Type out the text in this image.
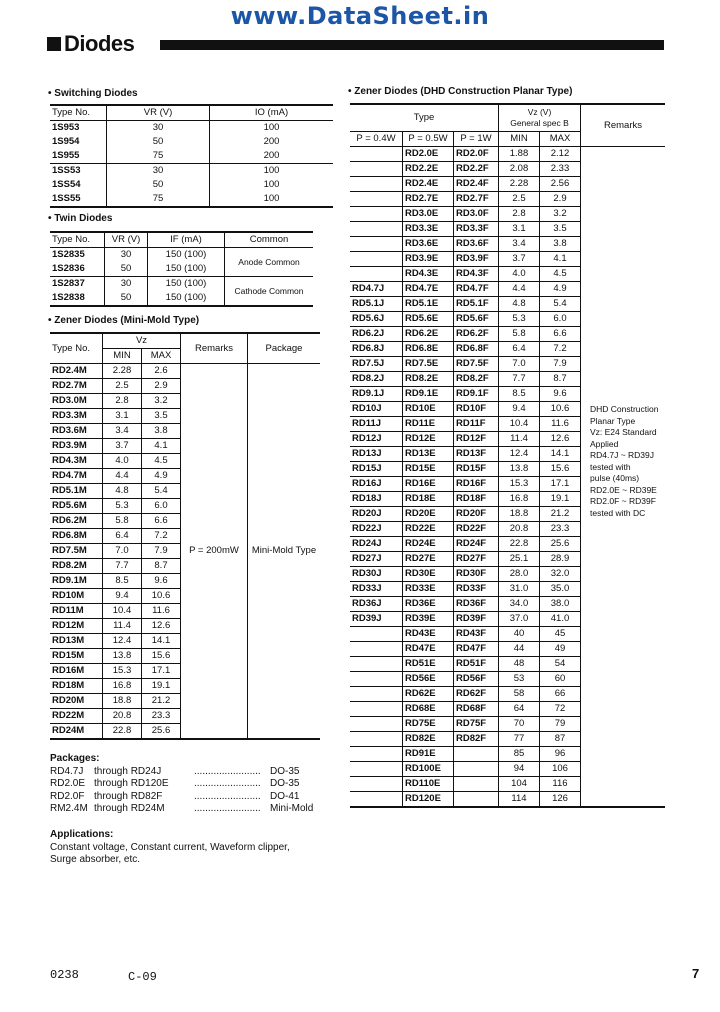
www.DataSheet.in
Diodes
• Switching Diodes
Type No.	VR (V)	IO (mA)
1S953	30	100
1S954	50	200
1S955	75	200
1SS53	30	100
1SS54	50	100
1SS55	75	100
• Twin Diodes
Type No.	VR (V)	IF (mA)	Common
1S2835	30	150 (100)	Anode Common
1S2836	50	150 (100)	
1S2837	30	150 (100)	Cathode Common
1S2838	50	150 (100)	
• Zener Diodes (Mini-Mold Type)
Type No.	Vz		Remarks	Package
	MIN	MAX		
RD2.4M	2.28	2.6	P = 200mW	Mini-Mold Type
RD2.7M	2.5	2.9		
RD3.0M	2.8	3.2		
RD3.3M	3.1	3.5		
RD3.6M	3.4	3.8		
RD3.9M	3.7	4.1		
RD4.3M	4.0	4.5		
RD4.7M	4.4	4.9		
RD5.1M	4.8	5.4		
RD5.6M	5.3	6.0		
RD6.2M	5.8	6.6		
RD6.8M	6.4	7.2		
RD7.5M	7.0	7.9		
RD8.2M	7.7	8.7		
RD9.1M	8.5	9.6		
RD10M	9.4	10.6		
RD11M	10.4	11.6		
RD12M	11.4	12.6		
RD13M	12.4	14.1		
RD15M	13.8	15.6		
RD16M	15.3	17.1		
RD18M	16.8	19.1		
RD20M	18.8	21.2		
RD22M	20.8	23.3		
RD24M	22.8	25.6		
Packages:
RD4.7J	through RD24J	........................ DO-35
RD2.0E through RD120E	........................ DO-35
RD2.0F through RD82F	........................ DO-41
RM2.4M through RD24M	........................ Mini-Mold
Applications:
Constant voltage, Constant current, Waveform clipper,
Surge absorber, etc.
• Zener Diodes (DHD Construction Planar Type)
Type			Vz (V)
General spec B		Remarks
P = 0.4W	P = 0.5W	P = 1W	MIN	MAX	
	RD2.0E	RD2.0F	1.88	2.12	
	RD2.2E	RD2.2F	2.08	2.33	
	RD2.4E	RD2.4F	2.28	2.56	
	RD2.7E	RD2.7F	2.5	2.9	
	RD3.0E	RD3.0F	2.8	3.2	
	RD3.3E	RD3.3F	3.1	3.5	
	RD3.6E	RD3.6F	3.4	3.8	
	RD3.9E	RD3.9F	3.7	4.1	
	RD4.3E	RD4.3F	4.0	4.5	
RD4.7J	RD4.7E	RD4.7F	4.4	4.9	
RD5.1J	RD5.1E	RD5.1F	4.8	5.4	
RD5.6J	RD5.6E	RD5.6F	5.3	6.0	
RD6.2J	RD6.2E	RD6.2F	5.8	6.6	
RD6.8J	RD6.8E	RD6.8F	6.4	7.2	
RD7.5J	RD7.5E	RD7.5F	7.0	7.9	
RD8.2J	RD8.2E	RD8.2F	7.7	8.7	
RD9.1J	RD9.1E	RD9.1F	8.5	9.6	
RD10J	RD10E	RD10F	9.4	10.6	
RD11J	RD11E	RD11F	10.4	11.6	
RD12J	RD12E	RD12F	11.4	12.6	
RD13J	RD13E	RD13F	12.4	14.1	
RD15J	RD15E	RD15F	13.8	15.6	
RD16J	RD16E	RD16F	15.3	17.1	
RD18J	RD18E	RD18F	16.8	19.1	
RD20J	RD20E	RD20F	18.8	21.2	
RD22J	RD22E	RD22F	20.8	23.3	
RD24J	RD24E	RD24F	22.8	25.6	
RD27J	RD27E	RD27F	25.1	28.9	
RD30J	RD30E	RD30F	28.0	32.0	
RD33J	RD33E	RD33F	31.0	35.0	
RD36J	RD36E	RD36F	34.0	38.0	
RD39J	RD39E	RD39F	37.0	41.0	
	RD43E	RD43F	40	45	
	RD47E	RD47F	44	49	
	RD51E	RD51F	48	54	
	RD56E	RD56F	53	60	
	RD62E	RD62F	58	66	
	RD68E	RD68F	64	72	
	RD75E	RD75F	70	79	
	RD82E	RD82F	77	87	
	RD91E		85	96	
	RD100E		94	106	
	RD110E		104	116	
	RD120E		114	126	
DHD Construction
Planar Type
Vz: E24 Standard
Applied
RD4.7J ~ RD39J
tested with
pulse (40ms)
RD2.0E ~ RD39E
RD2.0F ~ RD39F
tested with DC
0238	C-09	7
